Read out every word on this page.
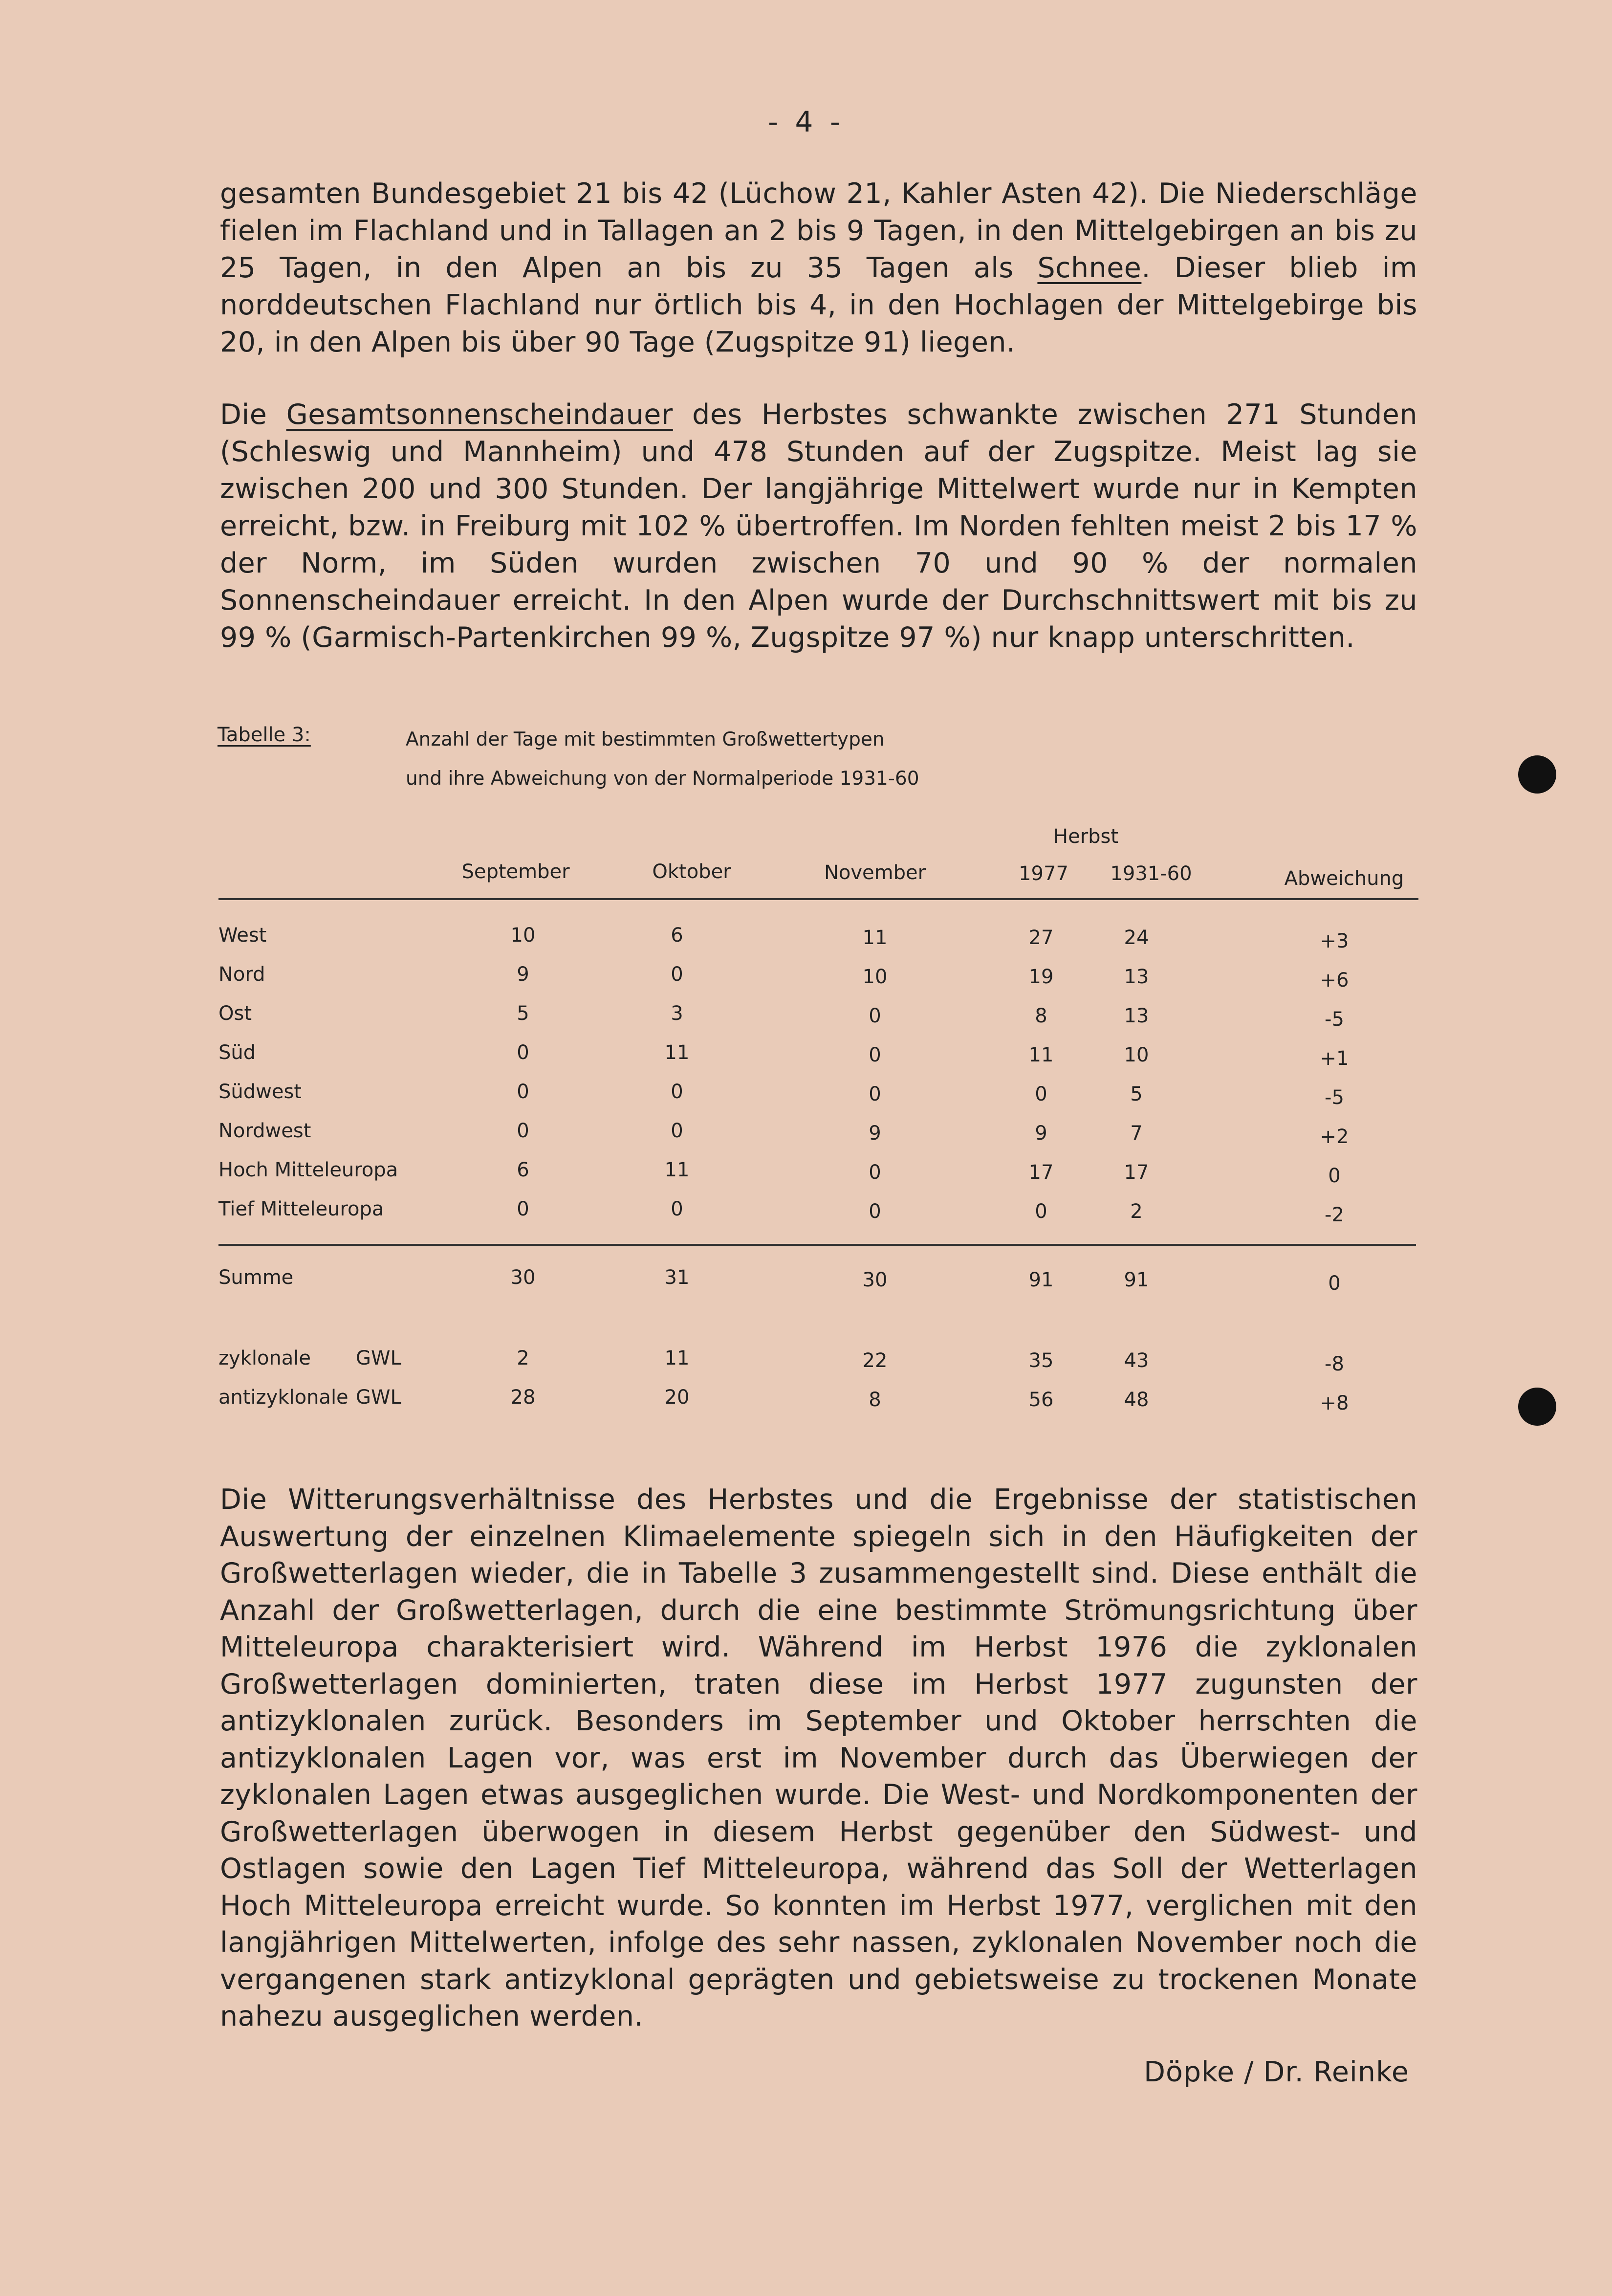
- 4 -
gesamten Bundesgebiet 21 bis 42 (Lüchow 21, Kahler Asten 42). Die Niederschläge fielen im Flachland und in Tallagen an 2 bis 9 Tagen, in den Mittelgebirgen an bis zu 25 Tagen, in den Alpen an bis zu 35 Tagen als Schnee. Dieser blieb im norddeutschen Flachland nur örtlich bis 4, in den Hochlagen der Mittelgebirge bis 20, in den Alpen bis über 90 Tage (Zugspitze 91) liegen.
Die Gesamtsonnenscheindauer des Herbstes schwankte zwischen 271 Stunden (Schleswig und Mannheim) und 478 Stunden auf der Zugspitze. Meist lag sie zwischen 200 und 300 Stunden. Der langjährige Mittelwert wurde nur in Kempten erreicht, bzw. in Freiburg mit 102 % übertroffen. Im Norden fehlten meist 2 bis 17 % der Norm, im Süden wurden zwischen 70 und 90 % der normalen Sonnenscheindauer erreicht. In den Alpen wurde der Durchschnittswert mit bis zu 99 % (Garmisch-Partenkirchen 99 %, Zugspitze 97 %) nur knapp unterschritten.
Tabelle 3:	Anzahl der Tage mit bestimmten Großwettertypen
und ihre Abweichung von der Normalperiode 1931-60
Herbst
September	Oktober	November	1977	1931-60	Abweichung
West	10	6	11	27	24	+3
Nord	9	0	10	19	13	+6
Ost	5	3	0	8	13	-5
Süd	0	11	0	11	10	+1
Südwest	0	0	0	0	5	-5
Nordwest	0	0	9	9	7	+2
Hoch Mitteleuropa	6	11	0	17	17	0
Tief Mitteleuropa	0	0	0	0	2	-2
Summe	30	31	30	91	91	0
zyklonale GWL	2	11	22	35	43	-8
antizyklonale GWL	28	20	8	56	48	+8
Die Witterungsverhältnisse des Herbstes und die Ergebnisse der statistischen Auswertung der einzelnen Klimaelemente spiegeln sich in den Häufigkeiten der Großwetterlagen wieder, die in Tabelle 3 zusammengestellt sind. Diese enthält die Anzahl der Großwetterlagen, durch die eine bestimmte Strömungsrichtung über Mitteleuropa charakterisiert wird. Während im Herbst 1976 die zyklonalen Großwetterlagen dominierten, traten diese im Herbst 1977 zugunsten der antizyklonalen zurück. Besonders im September und Oktober herrschten die antizyklonalen Lagen vor, was erst im November durch das Überwiegen der zyklonalen Lagen etwas ausgeglichen wurde. Die West- und Nordkomponenten der Großwetterlagen überwogen in diesem Herbst gegenüber den Südwest- und Ostlagen sowie den Lagen Tief Mitteleuropa, während das Soll der Wetterlagen Hoch Mitteleuropa erreicht wurde. So konnten im Herbst 1977, verglichen mit den langjährigen Mittelwerten, infolge des sehr nassen, zyklonalen November noch die vergangenen stark antizyklonal geprägten und gebietsweise zu trockenen Monate nahezu ausgeglichen werden.
Döpke / Dr. Reinke
